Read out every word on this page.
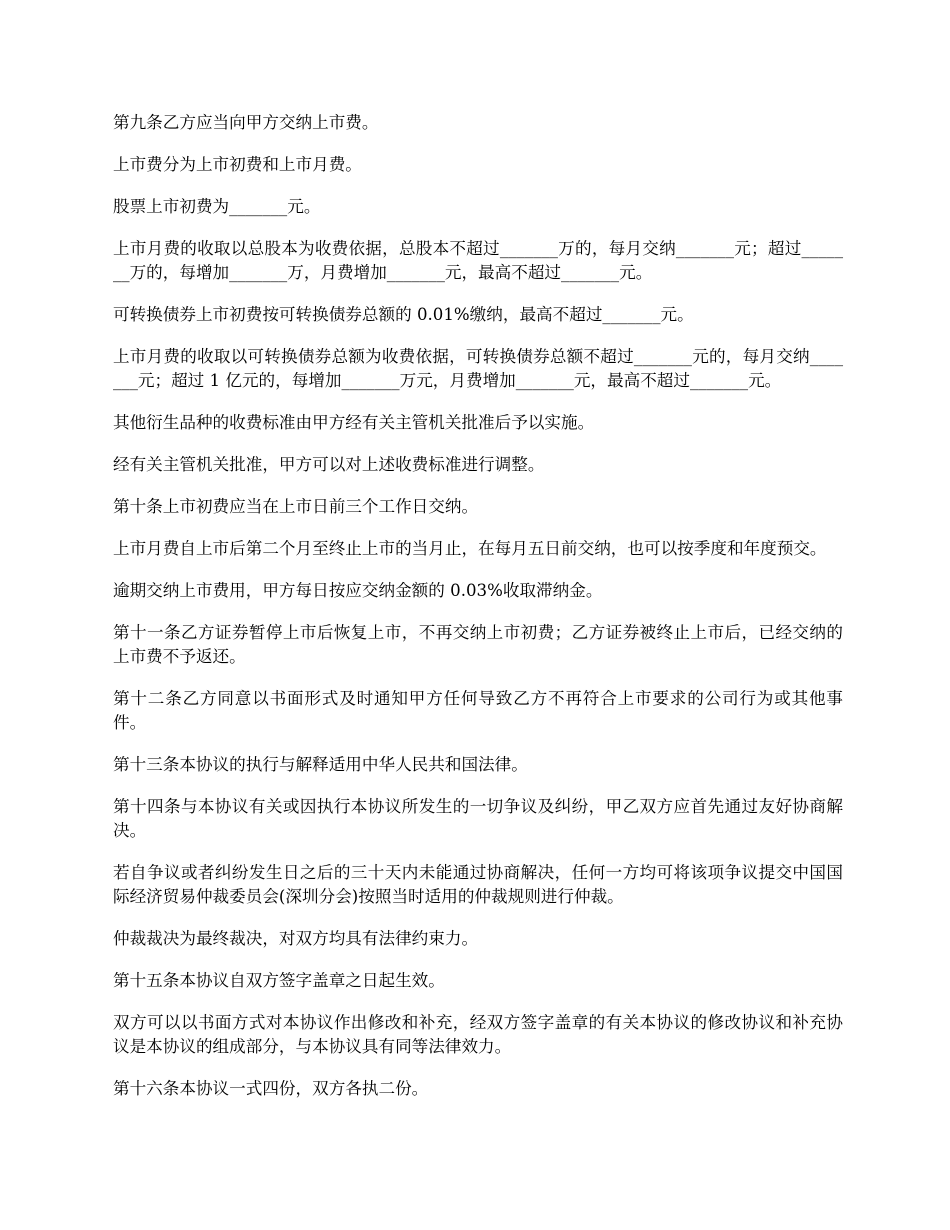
第九条乙方应当向甲方交纳上市费。

上市费分为上市初费和上市月费。

股票上市初费为_______元。

上市月费的收取以总股本为收费依据，总股本不超过_______万的，每月交纳_______元；超过_______万的，每增加_______万，月费增加_______元，最高不超过_______元。

可转换债券上市初费按可转换债券总额的 0.01%缴纳，最高不超过_______元。

上市月费的收取以可转换债券总额为收费依据，可转换债券总额不超过_______元的，每月交纳_______元；超过 1 亿元的，每增加_______万元，月费增加_______元，最高不超过_______元。

其他衍生品种的收费标准由甲方经有关主管机关批准后予以实施。

经有关主管机关批准，甲方可以对上述收费标准进行调整。

第十条上市初费应当在上市日前三个工作日交纳。

上市月费自上市后第二个月至终止上市的当月止，在每月五日前交纳，也可以按季度和年度预交。

逾期交纳上市费用，甲方每日按应交纳金额的 0.03%收取滞纳金。

第十一条乙方证券暂停上市后恢复上市，不再交纳上市初费；乙方证券被终止上市后，已经交纳的上市费不予返还。

第十二条乙方同意以书面形式及时通知甲方任何导致乙方不再符合上市要求的公司行为或其他事件。

第十三条本协议的执行与解释适用中华人民共和国法律。

第十四条与本协议有关或因执行本协议所发生的一切争议及纠纷，甲乙双方应首先通过友好协商解决。

若自争议或者纠纷发生日之后的三十天内未能通过协商解决，任何一方均可将该项争议提交中国国际经济贸易仲裁委员会(深圳分会)按照当时适用的仲裁规则进行仲裁。

仲裁裁决为最终裁决，对双方均具有法律约束力。

第十五条本协议自双方签字盖章之日起生效。

双方可以以书面方式对本协议作出修改和补充，经双方签字盖章的有关本协议的修改协议和补充协议是本协议的组成部分，与本协议具有同等法律效力。

第十六条本协议一式四份，双方各执二份。
